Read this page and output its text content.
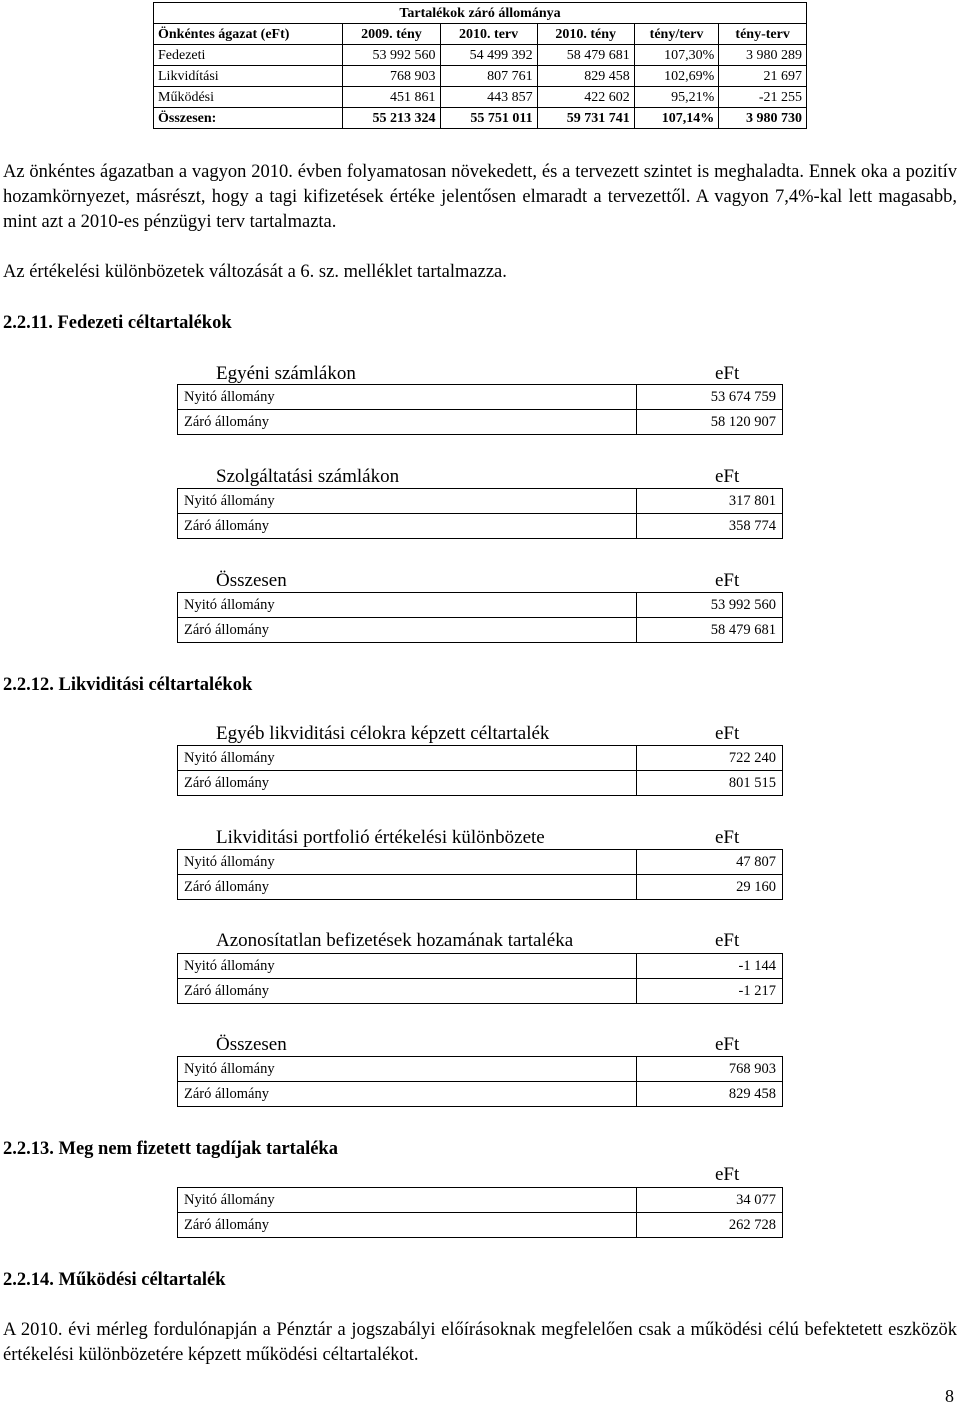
Tartalékok záró állománya					
Önkéntes ágazat (eFt)	2009. tény	2010. terv	2010. tény	tény/terv	tény-terv
Fedezeti	53 992 560	54 499 392	58 479 681	107,30%	3 980 289
Likvidítási	768 903	807 761	829 458	102,69%	21 697
Működési	451 861	443 857	422 602	95,21%	-21 255
Összesen:	55 213 324	55 751 011	59 731 741	107,14%	3 980 730
Az önkéntes ágazatban a vagyon 2010. évben folyamatosan növekedett, és a tervezett szintet is meghaladta. Ennek oka a pozitív hozamkörnyezet, másrészt, hogy a tagi kifizetések értéke jelentősen elmaradt a tervezettől. A vagyon 7,4%-kal lett magasabb, mint azt a 2010-es pénzügyi terv tartalmazta.
Az értékelési különbözetek változását a 6. sz. melléklet tartalmazza.
2.2.11. Fedezeti céltartalékok
Egyéni számlákon	eFt
Nyitó állomány	53 674 759
Záró állomány	58 120 907
Szolgáltatási számlákon	eFt
Nyitó állomány	317 801
Záró állomány	358 774
Összesen	eFt
Nyitó állomány	53 992 560
Záró állomány	58 479 681
2.2.12. Likviditási céltartalékok
Egyéb likviditási célokra képzett céltartalék	eFt
Nyitó állomány	722 240
Záró állomány	801 515
Likviditási portfolió értékelési különbözete	eFt
Nyitó állomány	47 807
Záró állomány	29 160
Azonosítatlan befizetések hozamának tartaléka	eFt
Nyitó állomány	-1 144
Záró állomány	-1 217
Összesen	eFt
Nyitó állomány	768 903
Záró állomány	829 458
2.2.13. Meg nem fizetett tagdíjak tartaléka
eFt
Nyitó állomány	34 077
Záró állomány	262 728
2.2.14. Működési céltartalék
A 2010. évi mérleg fordulónapján a Pénztár a jogszabályi előírásoknak megfelelően csak a működési célú befektetett eszközök értékelési különbözetére képzett működési céltartalékot.
8
